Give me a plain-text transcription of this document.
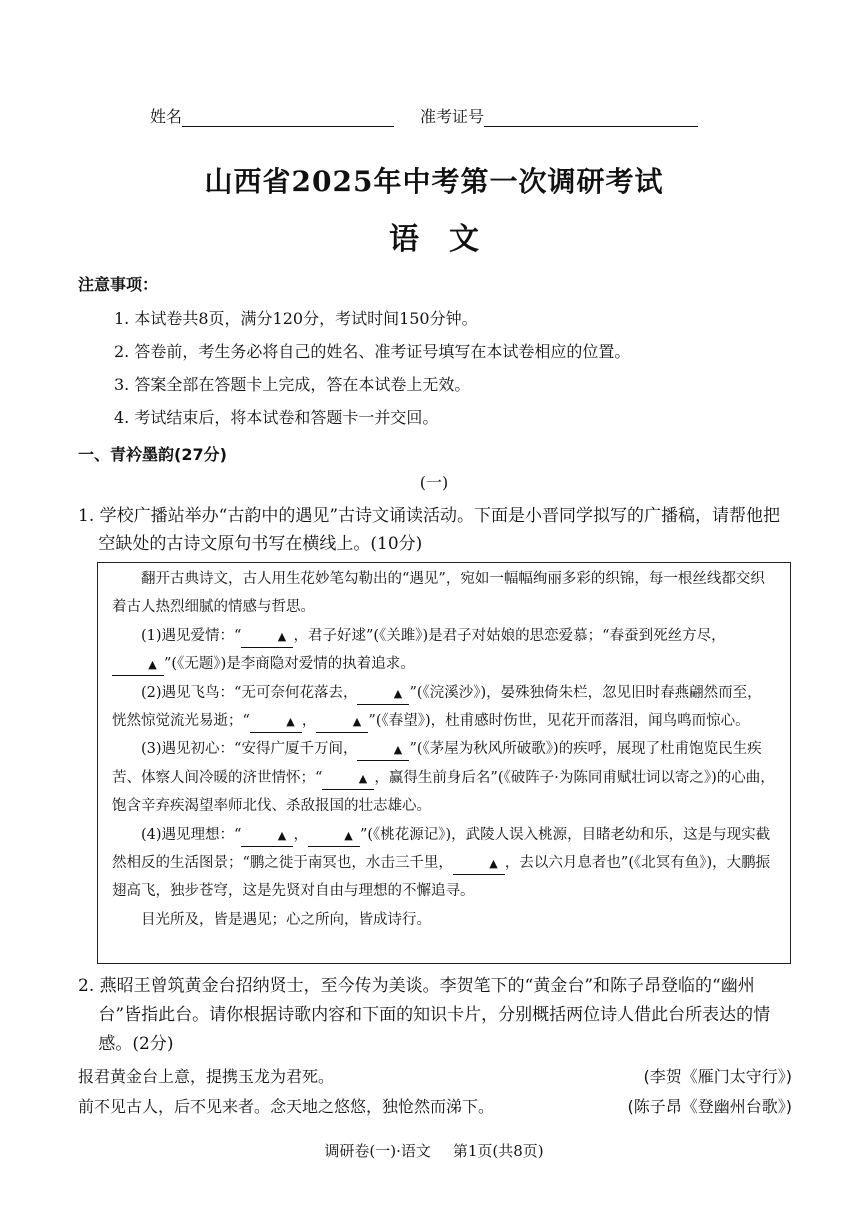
姓名	准考证号
山西省2025年中考第一次调研考试
语文
注意事项：
1. 本试卷共8页，满分120分，考试时间150分钟。
2. 答卷前，考生务必将自己的姓名、准考证号填写在本试卷相应的位置。
3. 答案全部在答题卡上完成，答在本试卷上无效。
4. 考试结束后，将本试卷和答题卡一并交回。
一、青衿墨韵(27分)
(一)
1. 学校广播站举办“古韵中的遇见”古诗文诵读活动。下面是小晋同学拟写的广播稿，请帮他把空缺处的古诗文原句书写在横线上。(10分)

翻开古典诗文，古人用生花妙笔勾勒出的“遇见”，宛如一幅幅绚丽多彩的织锦，每一根丝线都交织着古人热烈细腻的情感与哲思。

(1)遇见爱情：“	▲ ，君子好逑”(《关雎》)是君子对姑娘的思恋爱慕；“春蚕到死丝方尽，▲ ”(《无题》)是李商隐对爱情的执着追求。

(2)遇见飞鸟：“无可奈何花落去，	▲ ”(《浣溪沙》)，晏殊独倚朱栏，忽见旧时春燕翩然而至，恍然惊觉流光易逝；“	▲ ，	▲ ”(《春望》)，杜甫感时伤世，见花开而落泪，闻鸟鸣而惊心。

(3)遇见初心：“安得广厦千万间，	▲ ”(《茅屋为秋风所破歌》)的疾呼，展现了杜甫饱览民生疾苦、体察人间冷暖的济世情怀；“	▲ ，赢得生前身后名”(《破阵子·为陈同甫赋壮词以寄之》)的心曲，饱含辛弃疾渴望率师北伐、杀敌报国的壮志雄心。

(4)遇见理想：“	▲ ，	▲ ”(《桃花源记》)，武陵人误入桃源，目睹老幼和乐，这是与现实截然相反的生活图景；“鹏之徙于南冥也，水击三千里，	▲ ，去以六月息者也”(《北冥有鱼》)，大鹏振翅高飞，独步苍穹，这是先贤对自由与理想的不懈追寻。

目光所及，皆是遇见；心之所向，皆成诗行。

2. 燕昭王曾筑黄金台招纳贤士，至今传为美谈。李贺笔下的“黄金台”和陈子昂登临的“幽州台”皆指此台。请你根据诗歌内容和下面的知识卡片，分别概括两位诗人借此台所表达的情感。(2分)
报君黄金台上意，提携玉龙为君死。	(李贺《雁门太守行》)
前不见古人，后不见来者。念天地之悠悠，独怆然而涕下。	(陈子昂《登幽州台歌》)
调研卷(一)·语文 第1页(共8页)
